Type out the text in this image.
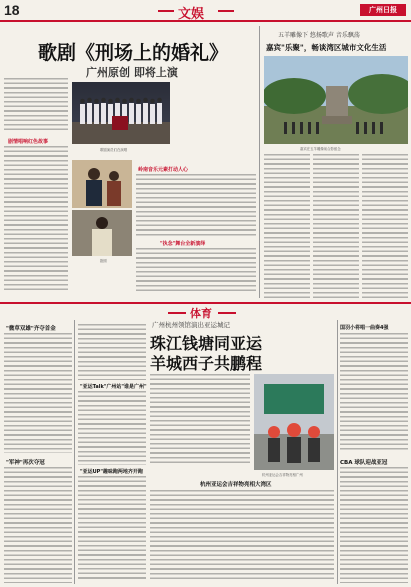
18	文娱	广州日报
歌剧《刑场上的婚礼》
广州原创 即将上演
剧情唱响红色故事
歌剧演员们在演唱
剧照
岭南音乐元素打动人心
"执念"舞台全新演绎
五羊雕像下 悠扬歌声 音乐飘荡
嘉宾"乐聚"，畅谈湾区城市文化生活
嘉宾在五羊雕像前合影留念
体育
"微草双雄"齐夺首金
"军神"再次夺冠
广州杭州领馆演出亚运城记
珠江钱塘同亚运
羊城西子共鹏程
"亚运Talk"广州站"谁是广州"
"亚运UP"趣味跑两地齐开跑	杭州亚运会吉祥物亮相广州
杭州亚运会吉祥物亮相大湾区
国羽小将唱一曲奏4强
CBA 球队迎战亚冠
